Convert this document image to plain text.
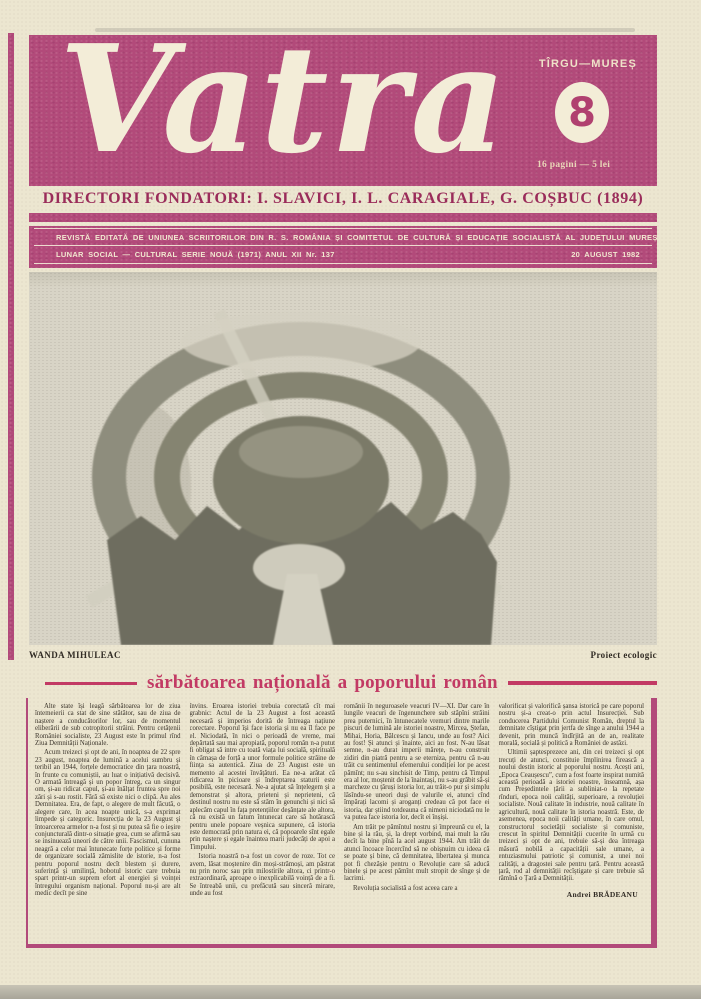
Vatra	TÎRGU—MUREȘ
8
16 pagini — 5 lei
DIRECTORI FONDATORI: I. SLAVICI, I. L. CARAGIALE, G. COȘBUC (1894)
REVISTĂ EDITATĂ DE UNIUNEA SCRIITORILOR DIN R. S. ROMÂNIA ȘI COMITETUL DE CULTURĂ ȘI EDUCAȚIE SOCIALISTĂ AL JUDEȚULUI MUREȘ
LUNAR SOCIAL — CULTURAL SERIE NOUĂ (1971) ANUL XII Nr. 137	20 AUGUST 1982
WANDA MIHULEAC	Proiect ecologic
sărbătoarea națională a poporului român

Alte state își leagă sărbătoarea lor de ziua întemeierii ca stat de sine stătător, sau de ziua de naștere a conducătorilor lor, sau de momentul eliberării de sub cotropitorii străini. Pentru cetățenii României socialiste, 23 August este în primul rînd Ziua Demnității Naționale.

Acum treizeci și opt de ani, în noaptea de 22 spre 23 august, noaptea de lumină a acelui sumbru și teribil an 1944, forțele democratice din țara noastră, în frunte cu comuniștii, au luat o inițiativă decisivă. O armată întreagă și un popor întreg, ca un singur om, și-au ridicat capul, și-au înălțat fruntea spre noi zări și s-au rostit. Fără să existe nici o clipă. Au ales Demnitatea. Era, de fapt, o alegere de mult făcută, o alegere care, în acea noapte unică, s-a exprimat limpede și categoric. Insurecția de la 23 August și întoarcerea armelor n-a fost și nu putea să fie o ieșire conjuncturală dintr-o situație grea, cum se afirmă sau se insinuează uneori de către unii. Fascismul, cununa neagră a celor mai întunecate forțe politice și forme de organizare socială zămislite de istorie, n-a fost pentru poporul nostru decît blestem și durere, suferință și umilință, hobotul istoric care trebuia spart printr-un suprem efort al energiei și voinței întregului organism național. Poporul nu-și are alt medic decît pe sine

învins. Eroarea istoriei trebuia corectată cît mai grabnic: Actul de la 23 August a fost această necesară și imperios dorită de întreaga națiune corectare. Poporul își face istoria și nu ea îl face pe el. Niciodată, în nici o perioadă de vreme, mai depărtată sau mai apropiată, poporul român n-a putut fi obligat să intre cu toată viața lui socială, spirituală în cămașa de forță a unor formule politice străine de ființa sa autentică. Ziua de 23 August este un memento al acestei învățături. Ea ne-a arătat că ridicarea în picioare și îndreptarea staturii este posibilă, este necesară. Ne-a ajutat să înțelegem și a demonstrat și altora, prieteni și neprieteni, că destinul nostru nu este să stăm în genunchi și nici să aplecăm capul în fața pretențiilor deșănțate ale altora, că nu există un fatum întunecat care să hotărască pentru unele popoare veșnica supunere, că istoria este democrată prin natura ei, că popoarele sînt egale prin naștere și egale înaintea marii judecăți de apoi a Timpului.

Istoria noastră n-a fost un covor de roze. Tot ce avem, lăsat moștenire din moși-strămoși, am păstrat nu prin noroc sau prin milostirile altora, ci printr-o extraordinară, aproape o inexplicabilă voință de a fi. Se întreabă unii, cu prefăcută sau sinceră mirare, unde au fost

românii în neguroasele veacuri IV—XI. Dar care în lungile veacuri de îngenunchere sub stăpîni străini prea puternici, în întunecatele vremuri dintre marile piscuri de lumină ale istoriei noastre, Mircea, Ștefan, Mihai, Horia, Bălcescu și Iancu, unde au fost? Aici au fost! Și atunci și înainte, aici au fost. N-au lăsat semne, n-au durat imperii mărețe, n-au construit zidiri din piatră pentru a se eterniza, pentru că n-au trăit cu sentimentul efemerului condiției lor pe acest pămînt; nu s-au sinchisit de Timp, pentru că Timpul era al lor, moștenit de la înaintași, nu s-au grăbit să-și marcheze cu țăruși istoria lor, au trăit-o pur și simplu lăsîndu-se uneori duși de valurile ei, atunci cînd împărați lacomi și aroganți credeau că pot face ei istoria, dar știind totdeauna că nimeni niciodată nu le va putea face istoria lor, decît ei înșiși.

Am trăit pe pămîntul nostru și împreună cu el, la bine și la rău, și, la drept vorbind, mai mult la rău decît la bine pînă la acel august 1944. Am trăit de atunci încoace încercînd să ne obișnuim cu ideea că se poate și bine, că demnitatea, libertatea și munca pot fi chezășie pentru o Revoluție care să aducă binele și pe acest pămînt mult stropit de sînge și de lacrimi.

Revoluția socialistă a fost aceea care a

valorificat și valorifică șansa istorică pe care poporul nostru și-a creat-o prin actul Insurecției. Sub conducerea Partidului Comunist Român, dreptul la demnitate cîștigat prin jertfa de sînge a anului 1944 a devenit, prin muncă îndîrjită an de an, realitate morală, socială și politică a României de astăzi.

Ultimii șaptesprezece ani, din cei treizeci și opt trecuți de atunci, constituie împlinirea firească a noului destin istoric al poporului nostru. Acești ani, „Epoca Ceaușescu”, cum a fost foarte inspirat numită această perioadă a istoriei noastre, înseamnă, așa cum Președintele țării a subliniat-o la repetate rînduri, epoca noii calități, superioare, a revoluției socialiste. Nouă calitate în industrie, nouă calitate în agricultură, nouă calitate în istoria noastră. Este, de asemenea, epoca noii calități umane, în care omul, constructorul societății socialiste și comuniste, crescut în spiritul Demnității cucerite în urmă cu treizeci și opt de ani, trebuie să-și dea întreaga măsură nobilă a capacității sale umane, a entuziasmului patriotic și comunist, a unei noi calități, a dragostei sale pentru țară. Pentru această țară, rod al demnității recîștigate și care trebuie să rămînă o Țară a Demnității.

Andrei BRĂDEANU
